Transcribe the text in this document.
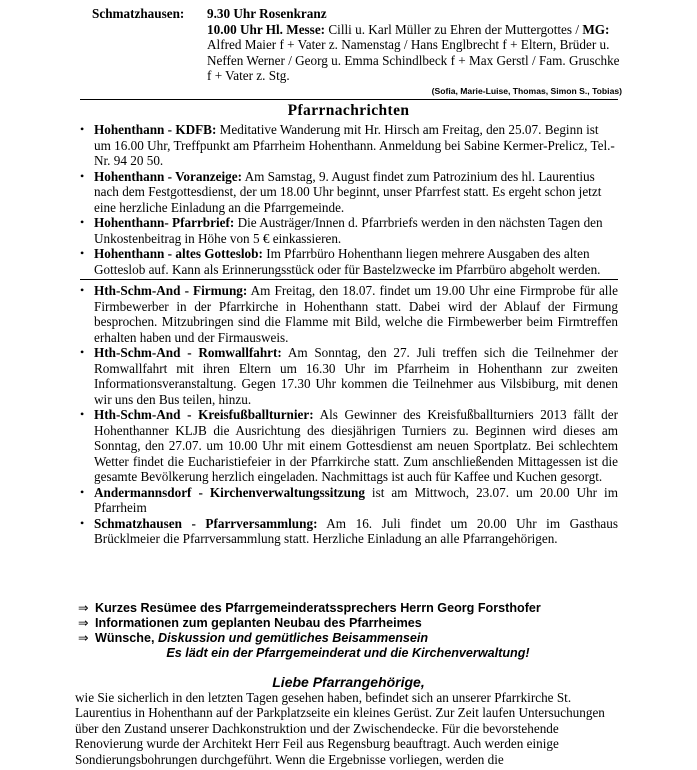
Schmatzhausen: 9.30 Uhr Rosenkranz
10.00 Uhr Hl. Messe: Cilli u. Karl Müller zu Ehren der Muttergottes / MG: Alfred Maier f + Vater z. Namenstag / Hans Englbrecht f + Eltern, Brüder u. Neffen Werner / Georg u. Emma Schindlbeck f + Max Gerstl / Fam. Gruschke f + Vater z. Stg.
(Sofia, Marie-Luise, Thomas, Simon S., Tobias)
Pfarrnachrichten
• Hohenthann - KDFB: Meditative Wanderung mit Hr. Hirsch am Freitag, den 25.07. Beginn ist um 16.00 Uhr, Treffpunkt am Pfarrheim Hohenthann. Anmeldung bei Sabine Kermer-Prelicz, Tel.-Nr. 94 20 50.
• Hohenthann - Voranzeige: Am Samstag, 9. August findet zum Patrozinium des hl. Laurentius nach dem Festgottesdienst, der um 18.00 Uhr beginnt, unser Pfarrfest statt. Es ergeht schon jetzt eine herzliche Einladung an die Pfarrgemeinde.
• Hohenthann- Pfarrbrief: Die Austräger/Innen d. Pfarrbriefs werden in den nächsten Tagen den Unkostenbeitrag in Höhe von 5 € einkassieren.
• Hohenthann - altes Gotteslob: Im Pfarrbüro Hohenthann liegen mehrere Ausgaben des alten Gotteslob auf. Kann als Erinnerungsstück oder für Bastelzwecke im Pfarrbüro abgeholt werden.
• Hth-Schm-And - Firmung: Am Freitag, den 18.07. findet um 19.00 Uhr eine Firmprobe für alle Firmbewerber in der Pfarrkirche in Hohenthann statt. Dabei wird der Ablauf der Firmung besprochen. Mitzubringen sind die Flamme mit Bild, welche die Firmbewerber beim Firmtreffen erhalten haben und der Firmausweis.
• Hth-Schm-And - Romwallfahrt: Am Sonntag, den 27. Juli treffen sich die Teilnehmer der Romwallfahrt mit ihren Eltern um 16.30 Uhr im Pfarrheim in Hohenthann zur zweiten Informationsveranstaltung. Gegen 17.30 Uhr kommen die Teilnehmer aus Vilsbiburg, mit denen wir uns den Bus teilen, hinzu.
• Hth-Schm-And - Kreisfußballturnier: Als Gewinner des Kreisfußballturniers 2013 fällt der Hohenthanner KLJB die Ausrichtung des diesjährigen Turniers zu. Beginnen wird dieses am Sonntag, den 27.07. um 10.00 Uhr mit einem Gottesdienst am neuen Sportplatz. Bei schlechtem Wetter findet die Eucharistiefeier in der Pfarrkirche statt. Zum anschließenden Mittagessen ist die gesamte Bevölkerung herzlich eingeladen. Nachmittags ist auch für Kaffee und Kuchen gesorgt.
• Andermannsdorf - Kirchenverwaltungssitzung ist am Mittwoch, 23.07. um 20.00 Uhr im Pfarrheim
• Schmatzhausen - Pfarrversammlung: Am 16. Juli findet um 20.00 Uhr im Gasthaus Brücklmeier die Pfarrversammlung statt. Herzliche Einladung an alle Pfarrangehörigen.
⇒ Kurzes Resümee des Pfarrgemeinderatssprechers Herrn Georg Forsthofer
⇒ Informationen zum geplanten Neubau des Pfarrheimes
⇒ Wünsche, Diskussion und gemütliches Beisammensein
Es lädt ein der Pfarrgemeinderat und die Kirchenverwaltung!
Liebe Pfarrangehörige,
wie Sie sicherlich in den letzten Tagen gesehen haben, befindet sich an unserer Pfarrkirche St. Laurentius in Hohenthann auf der Parkplatzseite ein kleines Gerüst. Zur Zeit laufen Untersuchungen über den Zustand unserer Dachkonstruktion und der Zwischendecke. Für die bevorstehende Renovierung wurde der Architekt Herr Feil aus Regensburg beauftragt. Auch werden einige Sondierungsbohrungen durchgeführt. Wenn die Ergebnisse vorliegen, werden die
